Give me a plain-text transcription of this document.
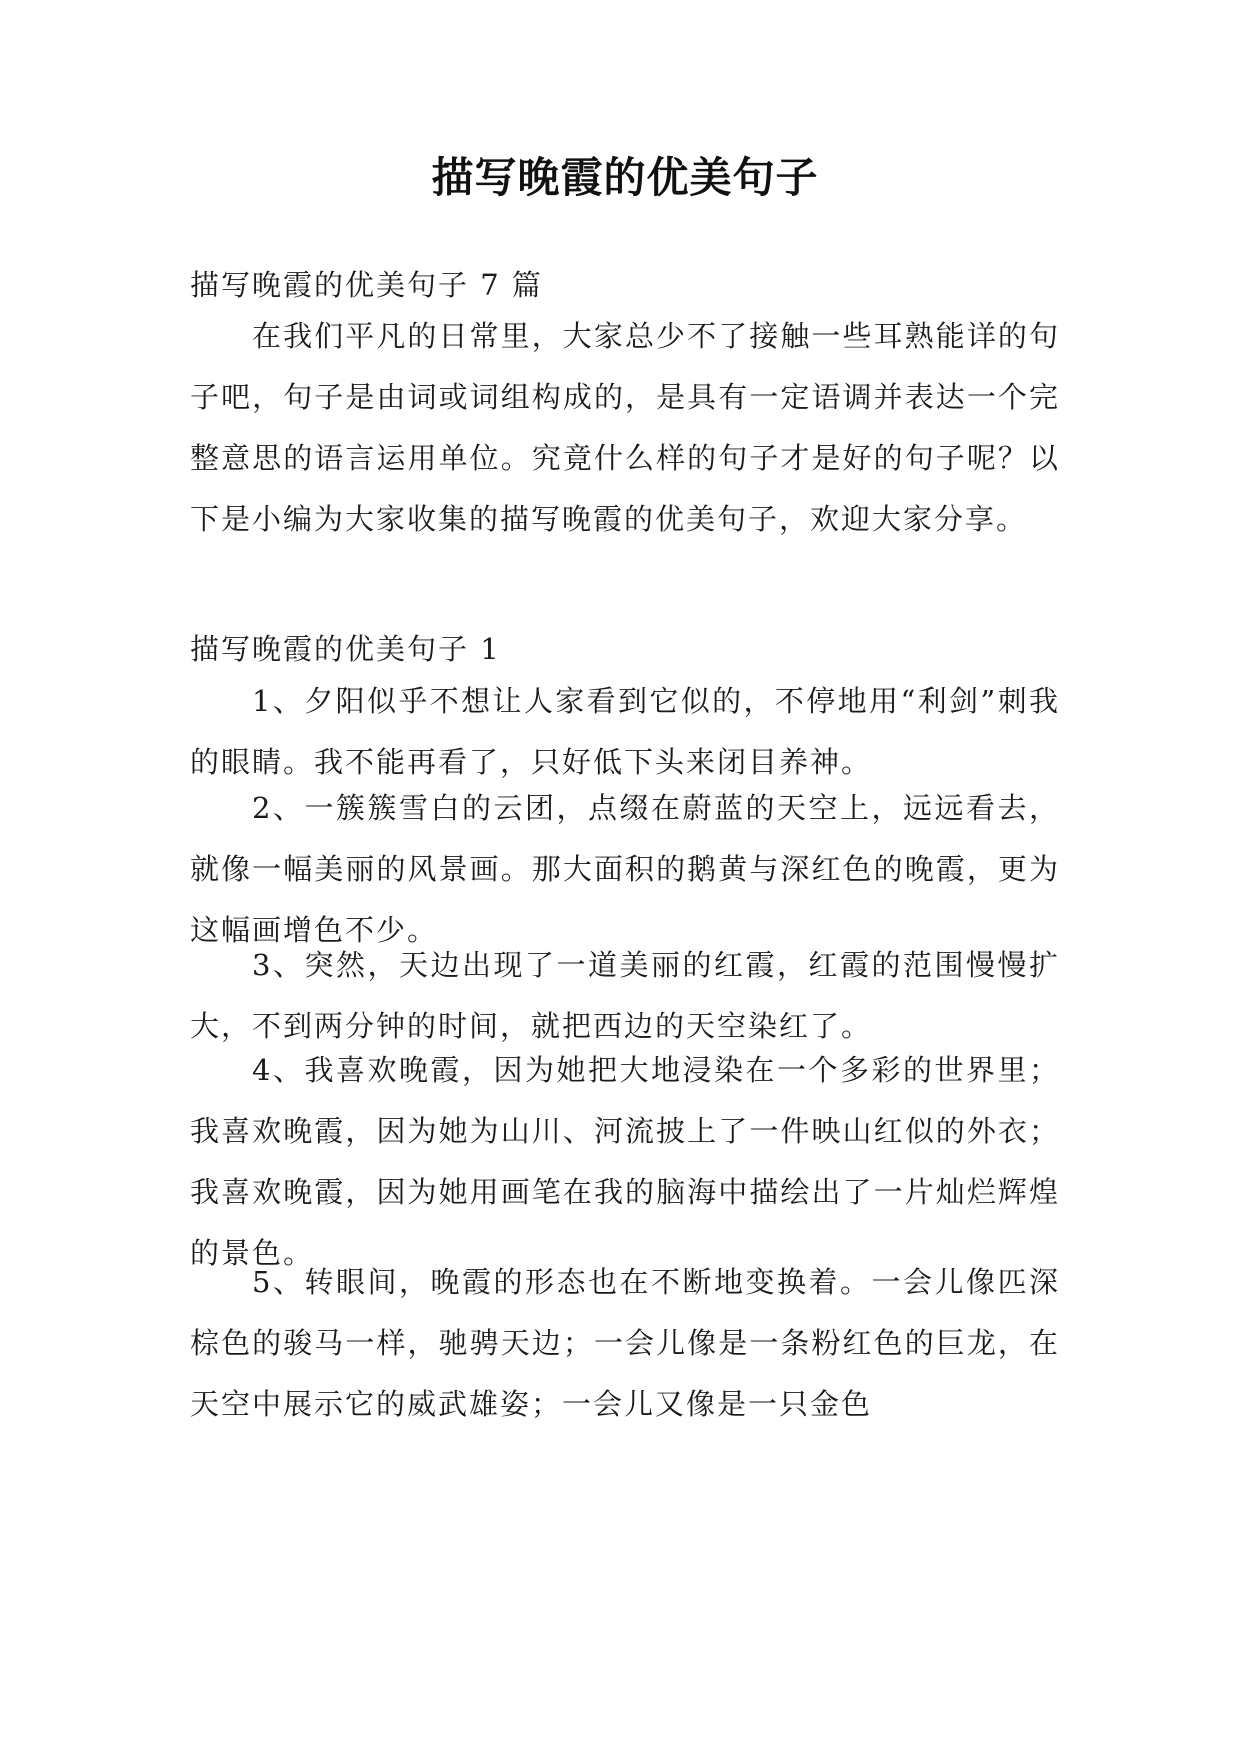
描写晚霞的优美句子

描写晚霞的优美句子 7 篇

在我们平凡的日常里，大家总少不了接触一些耳熟能详的句子吧，句子是由词或词组构成的，是具有一定语调并表达一个完整意思的语言运用单位。究竟什么样的句子才是好的句子呢？以下是小编为大家收集的描写晚霞的优美句子，欢迎大家分享。

描写晚霞的优美句子 1

1、夕阳似乎不想让人家看到它似的，不停地用“利剑”刺我的眼睛。我不能再看了，只好低下头来闭目养神。

2、一簇簇雪白的云团，点缀在蔚蓝的天空上，远远看去，就像一幅美丽的风景画。那大面积的鹅黄与深红色的晚霞，更为这幅画增色不少。

3、突然，天边出现了一道美丽的红霞，红霞的范围慢慢扩大，不到两分钟的时间，就把西边的天空染红了。

4、我喜欢晚霞，因为她把大地浸染在一个多彩的世界里；我喜欢晚霞，因为她为山川、河流披上了一件映山红似的外衣；我喜欢晚霞，因为她用画笔在我的脑海中描绘出了一片灿烂辉煌的景色。

5、转眼间，晚霞的形态也在不断地变换着。一会儿像匹深棕色的骏马一样，驰骋天边；一会儿像是一条粉红色的巨龙，在天空中展示它的威武雄姿；一会儿又像是一只金色
